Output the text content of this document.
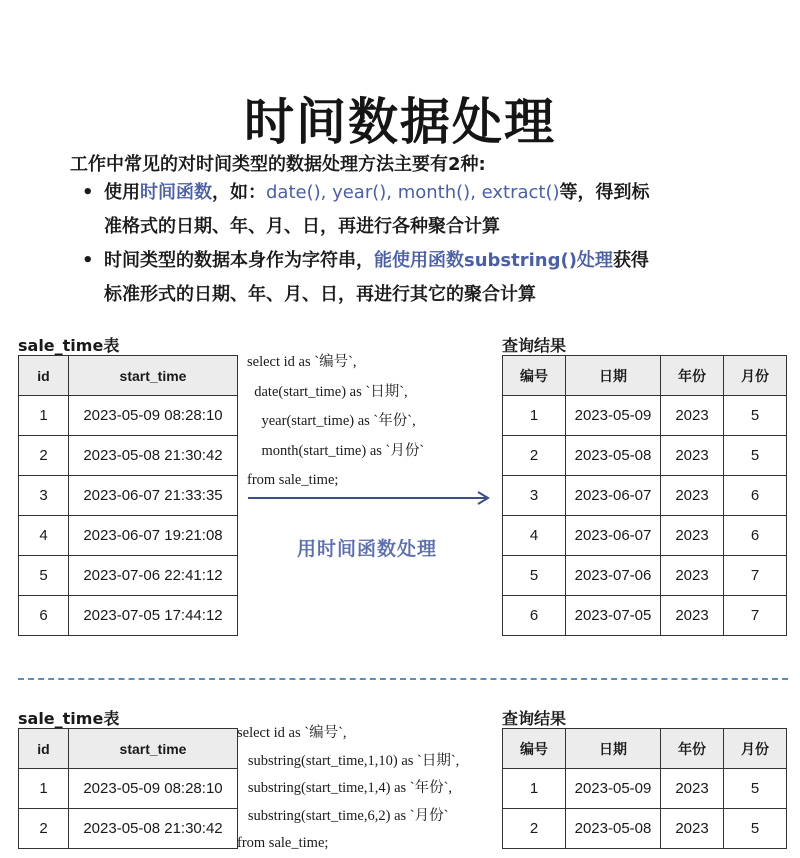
时间数据处理
工作中常见的对时间类型的数据处理方法主要有2种:
• 使用时间函数，如：date(), year(), month(), extract()等，得到标
准格式的日期、年、月、日，再进行各种聚合计算
• 时间类型的数据本身作为字符串，能使用函数substring()处理获得
标准形式的日期、年、月、日，再进行其它的聚合计算
sale_time表
id	start_time
1	2023-05-09 08:28:10
2	2023-05-08 21:30:42
3	2023-06-07 21:33:35
4	2023-06-07 19:21:08
5	2023-07-06 22:41:12
6	2023-07-05 17:44:12
select id as `编号`,
date(start_time) as `日期`,
year(start_time) as `年份`,
month(start_time) as `月份`
from sale_time;
用时间函数处理
查询结果
编号	日期	年份	月份
1	2023-05-09	2023	5
2	2023-05-08	2023	5
3	2023-06-07	2023	6
4	2023-06-07	2023	6
5	2023-07-06	2023	7
6	2023-07-05	2023	7
sale_time表
id	start_time
1	2023-05-09 08:28:10
2	2023-05-08 21:30:42
select id as `编号`,
substring(start_time,1,10) as `日期`,
substring(start_time,1,4) as `年份`,
substring(start_time,6,2) as `月份`
from sale_time;
查询结果
编号	日期	年份	月份
1	2023-05-09	2023	5
2	2023-05-08	2023	5
